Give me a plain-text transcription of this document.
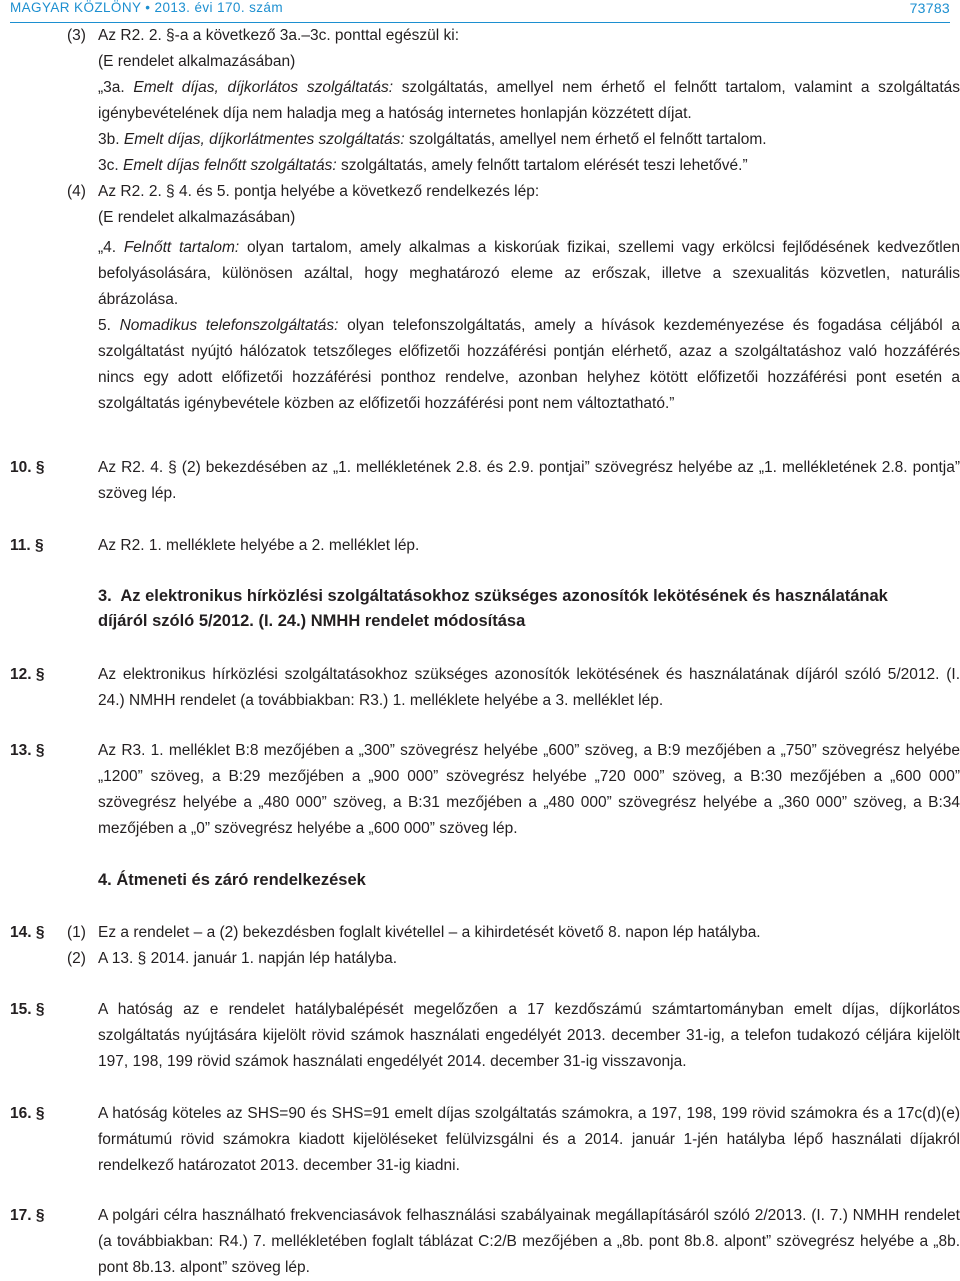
MAGYAR KÖZLÖNY • 2013. évi 170. szám	73783
(3) Az R2. 2. §-a a következő 3a.–3c. ponttal egészül ki:
(E rendelet alkalmazásában)
„3a. Emelt díjas, díjkorlátos szolgáltatás: szolgáltatás, amellyel nem érhető el felnőtt tartalom, valamint a szolgáltatás igénybevételének díja nem haladja meg a hatóság internetes honlapján közzétett díjat.
3b. Emelt díjas, díjkorlátmentes szolgáltatás: szolgáltatás, amellyel nem érhető el felnőtt tartalom.
3c. Emelt díjas felnőtt szolgáltatás: szolgáltatás, amely felnőtt tartalom elérését teszi lehetővé.”
(4) Az R2. 2. § 4. és 5. pontja helyébe a következő rendelkezés lép:
(E rendelet alkalmazásában)
„4. Felnőtt tartalom: olyan tartalom, amely alkalmas a kiskorúak fizikai, szellemi vagy erkölcsi fejlődésének kedvezőtlen befolyásolására, különösen azáltal, hogy meghatározó eleme az erőszak, illetve a szexualitás közvetlen, naturális ábrázolása.
5. Nomadikus telefonszolgáltatás: olyan telefonszolgáltatás, amely a hívások kezdeményezése és fogadása céljából a szolgáltatást nyújtó hálózatok tetszőleges előfizetői hozzáférési pontján elérhető, azaz a szolgáltatáshoz való hozzáférés nincs egy adott előfizetői hozzáférési ponthoz rendelve, azonban helyhez kötött előfizetői hozzáférési pont esetén a szolgáltatás igénybevétele közben az előfizetői hozzáférési pont nem változtatható.”
10. §	Az R2. 4. § (2) bekezdésében az „1. mellékletének 2.8. és 2.9. pontjai” szövegrész helyébe az „1. mellékletének 2.8. pontja” szöveg lép.
11. §	Az R2. 1. melléklete helyébe a 2. melléklet lép.
3. Az elektronikus hírközlési szolgáltatásokhoz szükséges azonosítók lekötésének és használatának
díjáról szóló 5/2012. (I. 24.) NMHH rendelet módosítása
12. §	Az elektronikus hírközlési szolgáltatásokhoz szükséges azonosítók lekötésének és használatának díjáról szóló 5/2012. (I. 24.) NMHH rendelet (a továbbiakban: R3.) 1. melléklete helyébe a 3. melléklet lép.
13. §	Az R3. 1. melléklet B:8 mezőjében a „300” szövegrész helyébe „600” szöveg, a B:9 mezőjében a „750” szövegrész helyébe „1200” szöveg, a B:29 mezőjében a „900 000” szövegrész helyébe „720 000” szöveg, a B:30 mezőjében a „600 000” szövegrész helyébe a „480 000” szöveg, a B:31 mezőjében a „480 000” szövegrész helyébe a „360 000” szöveg, a B:34 mezőjében a „0” szövegrész helyébe a „600 000” szöveg lép.
4. Átmeneti és záró rendelkezések
14. § (1) Ez a rendelet – a (2) bekezdésben foglalt kivétellel – a kihirdetését követő 8. napon lép hatályba.
(2) A 13. § 2014. január 1. napján lép hatályba.
15. §	A hatóság az e rendelet hatálybalépését megelőzően a 17 kezdőszámú számtartományban emelt díjas, díjkorlátos szolgáltatás nyújtására kijelölt rövid számok használati engedélyét 2013. december 31-ig, a telefon tudakozó céljára kijelölt 197, 198, 199 rövid számok használati engedélyét 2014. december 31-ig visszavonja.
16. §	A hatóság köteles az SHS=90 és SHS=91 emelt díjas szolgáltatás számokra, a 197, 198, 199 rövid számokra és a 17c(d)(e) formátumú rövid számokra kiadott kijelöléseket felülvizsgálni és a 2014. január 1-jén hatályba lépő használati díjakról rendelkező határozatot 2013. december 31-ig kiadni.
17. §	A polgári célra használható frekvenciasávok felhasználási szabályainak megállapításáról szóló 2/2013. (I. 7.) NMHH rendelet (a továbbiakban: R4.) 7. mellékletében foglalt táblázat C:2/B mezőjében a „8b. pont 8b.8. alpont” szövegrész helyébe a „8b. pont 8b.13. alpont” szöveg lép.
